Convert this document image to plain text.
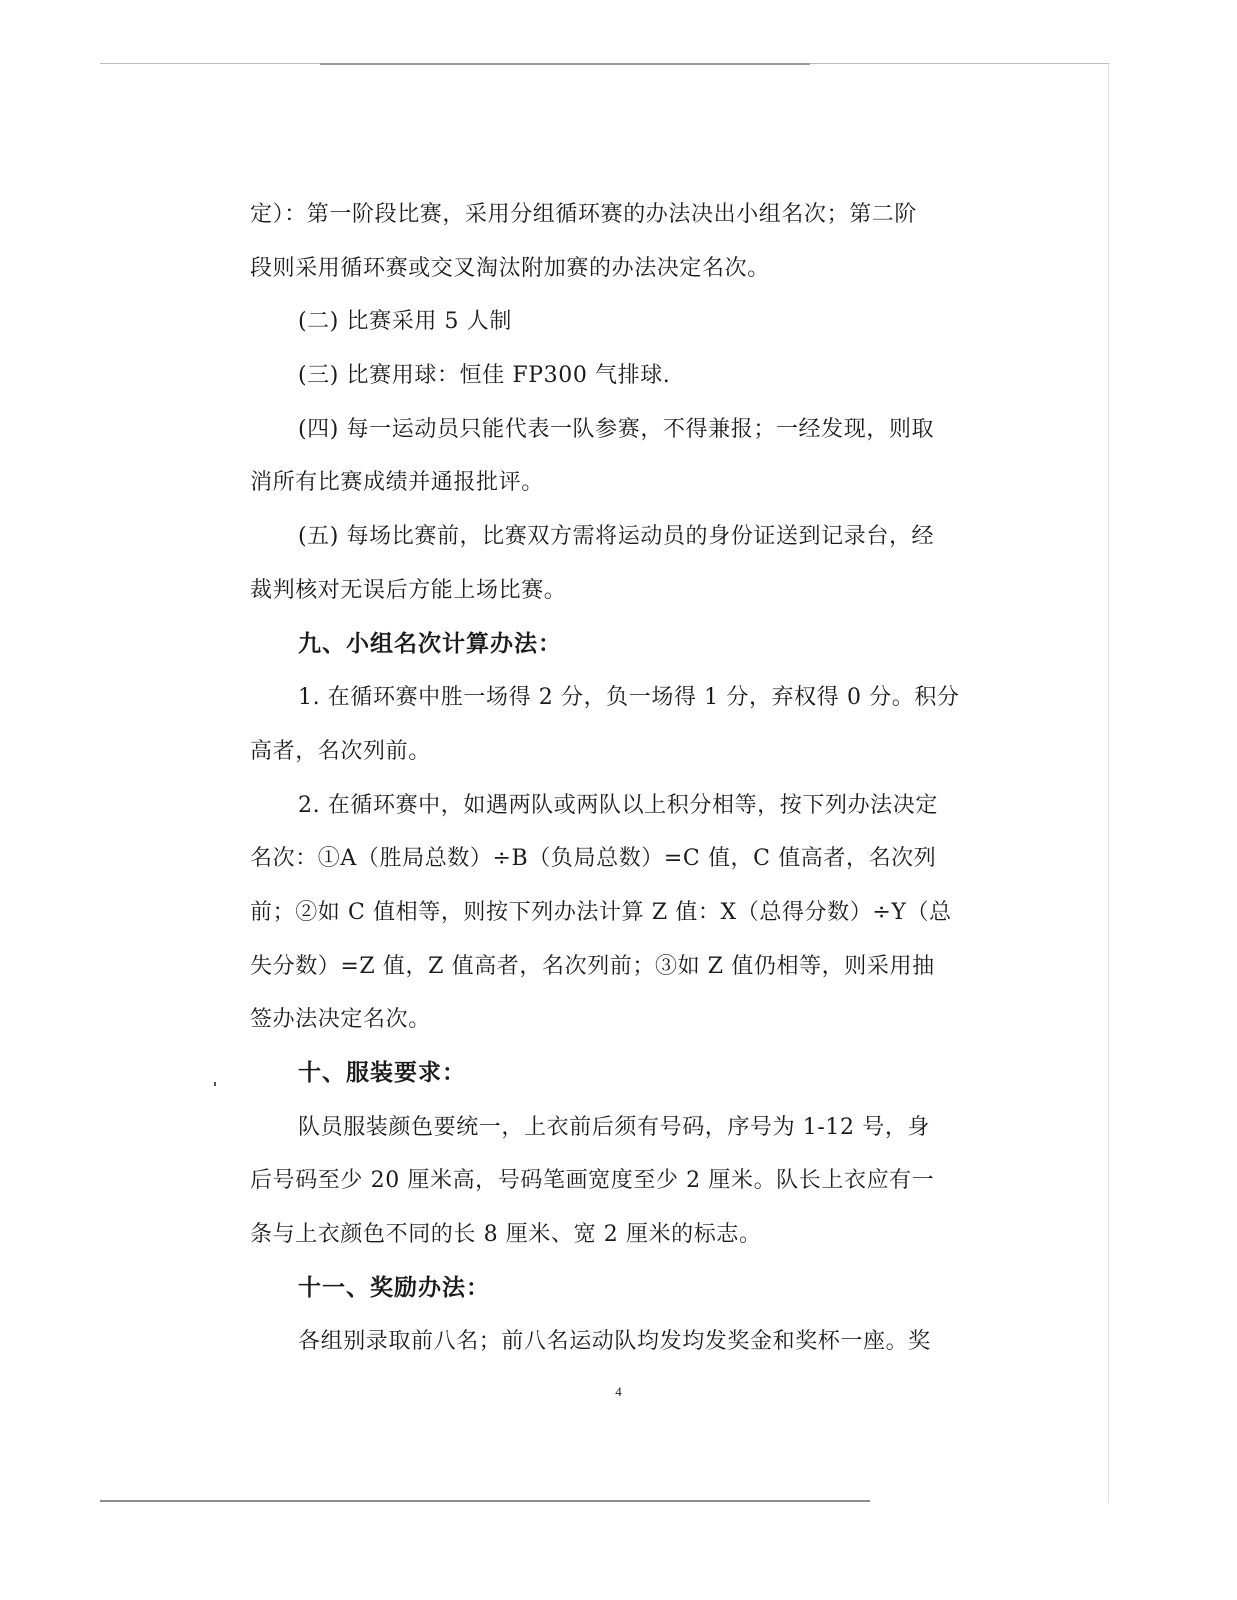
定）：第一阶段比赛，采用分组循环赛的办法决出小组名次；第二阶
段则采用循环赛或交叉淘汰附加赛的办法决定名次。
(二) 比赛采用 5 人制
(三) 比赛用球：恒佳 FP300 气排球.
(四) 每一运动员只能代表一队参赛，不得兼报；一经发现，则取
消所有比赛成绩并通报批评。
(五) 每场比赛前，比赛双方需将运动员的身份证送到记录台，经
裁判核对无误后方能上场比赛。
九、小组名次计算办法：
1. 在循环赛中胜一场得 2 分，负一场得 1 分，弃权得 0 分。积分
高者，名次列前。
2. 在循环赛中，如遇两队或两队以上积分相等，按下列办法决定
名次：①A（胜局总数）÷B（负局总数）=C 值，C 值高者，名次列
前；②如 C 值相等，则按下列办法计算 Z 值：X（总得分数）÷Y（总
失分数）=Z 值，Z 值高者，名次列前；③如 Z 值仍相等，则采用抽
签办法决定名次。
十、服装要求：
队员服装颜色要统一，上衣前后须有号码，序号为 1-12 号，身
后号码至少 20 厘米高，号码笔画宽度至少 2 厘米。队长上衣应有一
条与上衣颜色不同的长 8 厘米、宽 2 厘米的标志。
十一、奖励办法：
各组别录取前八名；前八名运动队均发均发奖金和奖杯一座。奖
4
